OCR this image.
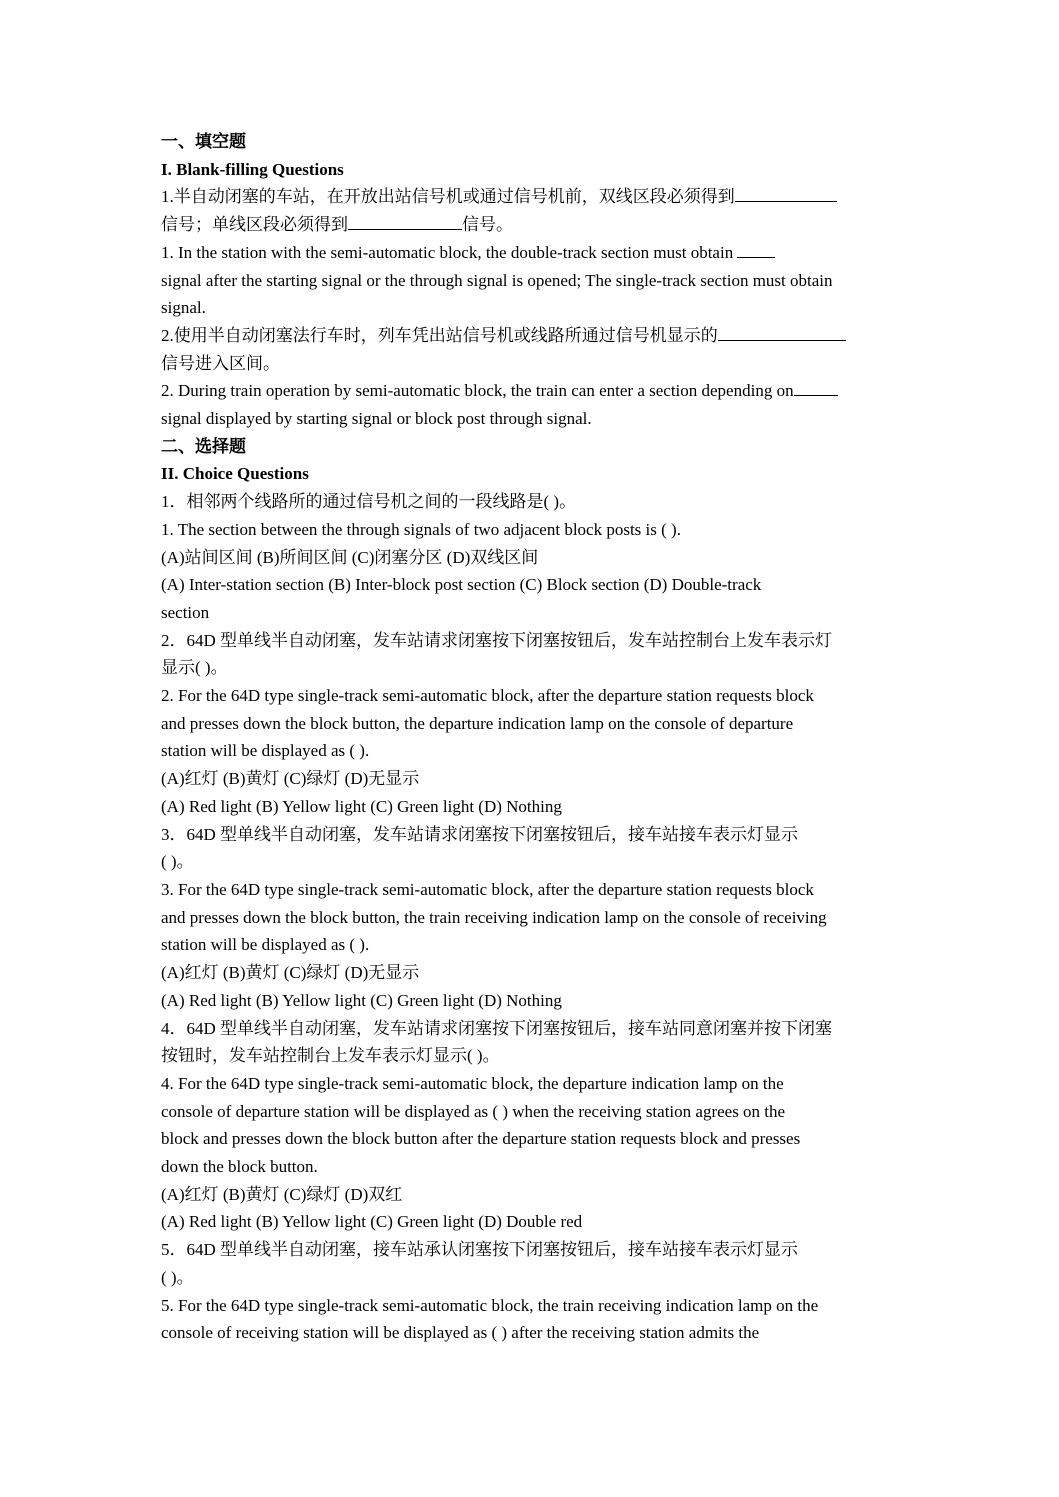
一、填空题
I. Blank-filling Questions
1.半自动闭塞的车站，在开放出站信号机或通过信号机前，双线区段必须得到
信号；单线区段必须得到	信号。
1. In the station with the semi-automatic block, the double-track section must obtain
signal after the starting signal or the through signal is opened; The single-track section must obtain
signal.
2.使用半自动闭塞法行车时，列车凭出站信号机或线路所通过信号机显示的
信号进入区间。
2. During train operation by semi-automatic block, the train can enter a section depending on
signal displayed by starting signal or block post through signal.
二、选择题
II. Choice Questions
1．相邻两个线路所的通过信号机之间的一段线路是( )。
1. The section between the through signals of two adjacent block posts is ( ).
(A)站间区间 (B)所间区间 (C)闭塞分区 (D)双线区间
(A) Inter-station section (B) Inter-block post section (C) Block section (D) Double-track
section
2．64D 型单线半自动闭塞，发车站请求闭塞按下闭塞按钮后，发车站控制台上发车表示灯
显示( )。
2. For the 64D type single-track semi-automatic block, after the departure station requests block
and presses down the block button, the departure indication lamp on the console of departure
station will be displayed as ( ).
(A)红灯 (B)黄灯 (C)绿灯 (D)无显示
(A) Red light (B) Yellow light (C) Green light (D) Nothing
3．64D 型单线半自动闭塞，发车站请求闭塞按下闭塞按钮后，接车站接车表示灯显示
( )。
3. For the 64D type single-track semi-automatic block, after the departure station requests block
and presses down the block button, the train receiving indication lamp on the console of receiving
station will be displayed as ( ).
(A)红灯 (B)黄灯 (C)绿灯 (D)无显示
(A) Red light (B) Yellow light (C) Green light (D) Nothing
4．64D 型单线半自动闭塞，发车站请求闭塞按下闭塞按钮后，接车站同意闭塞并按下闭塞
按钮时，发车站控制台上发车表示灯显示( )。
4. For the 64D type single-track semi-automatic block, the departure indication lamp on the
console of departure station will be displayed as ( ) when the receiving station agrees on the
block and presses down the block button after the departure station requests block and presses
down the block button.
(A)红灯 (B)黄灯 (C)绿灯 (D)双红
(A) Red light (B) Yellow light (C) Green light (D) Double red
5．64D 型单线半自动闭塞，接车站承认闭塞按下闭塞按钮后，接车站接车表示灯显示
( )。
5. For the 64D type single-track semi-automatic block, the train receiving indication lamp on the
console of receiving station will be displayed as ( ) after the receiving station admits the
